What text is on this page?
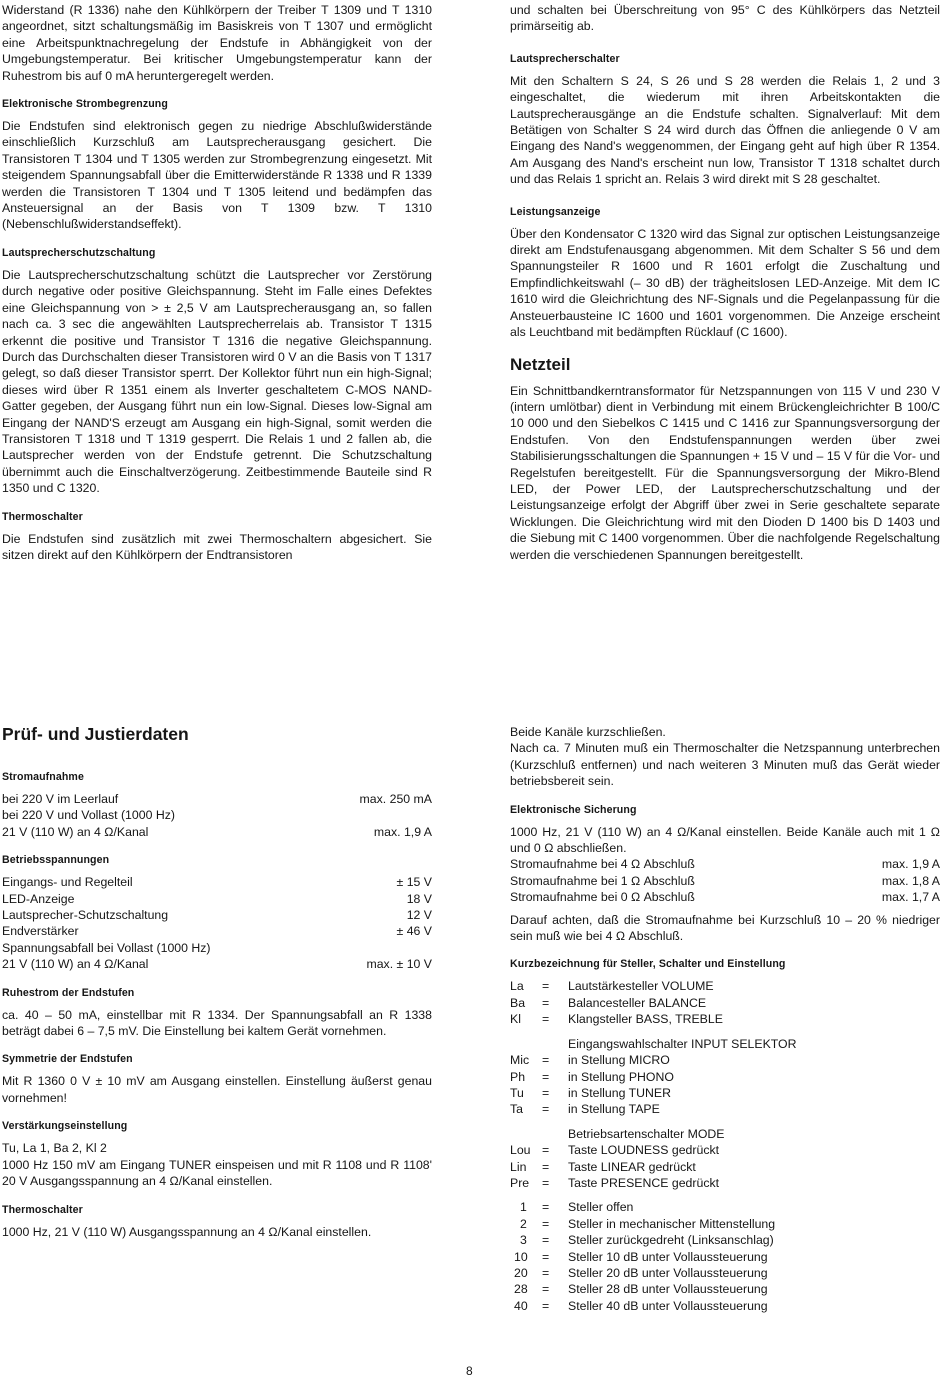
Widerstand (R 1336) nahe den Kühlkörpern der Treiber T 1309 und T 1310 angeordnet, sitzt schaltungsmäßig im Basiskreis von T 1307 und ermöglicht eine Arbeitspunktnachregelung der Endstufe in Abhängigkeit von der Umgebungstemperatur. Bei kritischer Umgebungstemperatur kann der Ruhestrom bis auf 0 mA heruntergeregelt werden.

Elektronische Strombegrenzung

Die Endstufen sind elektronisch gegen zu niedrige Abschlußwiderstände einschließlich Kurzschluß am Lautsprecherausgang gesichert. Die Transistoren T 1304 und T 1305 werden zur Strombegrenzung eingesetzt. Mit steigendem Spannungsabfall über die Emitterwiderstände R 1338 und R 1339 werden die Transistoren T 1304 und T 1305 leitend und bedämpfen das Ansteuersignal an der Basis von T 1309 bzw. T 1310 (Nebenschlußwiderstandseffekt).

Lautsprecherschutzschaltung

Die Lautsprecherschutzschaltung schützt die Lautsprecher vor Zerstörung durch negative oder positive Gleichspannung. Steht im Falle eines Defektes eine Gleichspannung von > ± 2,5 V am Lautsprecherausgang an, so fallen nach ca. 3 sec die angewählten Lautsprecherrelais ab. Transistor T 1315 erkennt die positive und Transistor T 1316 die negative Gleichspannung. Durch das Durchschalten dieser Transistoren wird 0 V an die Basis von T 1317 gelegt, so daß dieser Transistor sperrt. Der Kollektor führt nun ein high-Signal; dieses wird über R 1351 einem als Inverter geschaltetem C-MOS NAND-Gatter gegeben, der Ausgang führt nun ein low-Signal. Dieses low-Signal am Eingang der NAND'S erzeugt am Ausgang ein high-Signal, somit werden die Transistoren T 1318 und T 1319 gesperrt. Die Relais 1 und 2 fallen ab, die Lautsprecher werden von der Endstufe getrennt. Die Schutzschaltung übernimmt auch die Einschaltverzögerung. Zeitbestimmende Bauteile sind R 1350 und C 1320.

Thermoschalter

Die Endstufen sind zusätzlich mit zwei Thermoschaltern abgesichert. Sie sitzen direkt auf den Kühlkörpern der Endtransistoren

und schalten bei Überschreitung von 95° C des Kühlkörpers das Netzteil primärseitig ab.

Lautsprecherschalter

Mit den Schaltern S 24, S 26 und S 28 werden die Relais 1, 2 und 3 eingeschaltet, die wiederum mit ihren Arbeitskontakten die Lautsprecherausgänge an die Endstufe schalten. Signalverlauf: Mit dem Betätigen von Schalter S 24 wird durch das Öffnen die anliegende 0 V am Eingang des Nand's weggenommen, der Eingang geht auf high über R 1354. Am Ausgang des Nand's erscheint nun low, Transistor T 1318 schaltet durch und das Relais 1 spricht an. Relais 3 wird direkt mit S 28 geschaltet.

Leistungsanzeige

Über den Kondensator C 1320 wird das Signal zur optischen Leistungsanzeige direkt am Endstufenausgang abgenommen. Mit dem Schalter S 56 und dem Spannungsteiler R 1600 und R 1601 erfolgt die Zuschaltung und Empfindlichkeitswahl (– 30 dB) der trägheitslosen LED-Anzeige. Mit dem IC 1610 wird die Gleichrichtung des NF-Signals und die Pegelanpassung für die Ansteuerbausteine IC 1600 und 1601 vorgenommen. Die Anzeige erscheint als Leuchtband mit bedämpften Rücklauf (C 1600).

Netzteil

Ein Schnittbandkerntransformator für Netzspannungen von 115 V und 230 V (intern umlötbar) dient in Verbindung mit einem Brückengleichrichter B 100/C 10 000 und den Siebelkos C 1415 und C 1416 zur Spannungsversorgung der Endstufen. Von den Endstufenspannungen werden über zwei Stabilisierungsschaltungen die Spannungen + 15 V und – 15 V für die Vor- und Regelstufen bereitgestellt. Für die Spannungsversorgung der Mikro-Blend LED, der Power LED, der Lautsprecherschutzschaltung und der Leistungsanzeige erfolgt der Abgriff über zwei in Serie geschaltete separate Wicklungen. Die Gleichrichtung wird mit den Dioden D 1400 bis D 1403 und die Siebung mit C 1400 vorgenommen. Über die nachfolgende Regelschaltung werden die verschiedenen Spannungen bereitgestellt.

Prüf- und Justierdaten
Stromaufnahme
bei 220 V im Leerlauf	max. 250 mA
bei 220 V und Vollast (1000 Hz)
21 V (110 W) an 4 Ω/Kanal	max. 1,9 A
Betriebsspannungen
Eingangs- und Regelteil	± 15 V
LED-Anzeige	18 V
Lautsprecher-Schutzschaltung	12 V
Endverstärker	± 46 V
Spannungsabfall bei Vollast (1000 Hz)
21 V (110 W) an 4 Ω/Kanal	max. ± 10 V
Ruhestrom der Endstufen

ca. 40 – 50 mA, einstellbar mit R 1334. Der Spannungsabfall an R 1338 beträgt dabei 6 – 7,5 mV. Die Einstellung bei kaltem Gerät vornehmen.

Symmetrie der Endstufen

Mit R 1360 0 V ± 10 mV am Ausgang einstellen. Einstellung äußerst genau vornehmen!

Verstärkungseinstellung

Tu, La 1, Ba 2, Kl 2
1000 Hz 150 mV am Eingang TUNER einspeisen und mit R 1108 und R 1108' 20 V Ausgangsspannung an 4 Ω/Kanal einstellen.

Thermoschalter

1000 Hz, 21 V (110 W) Ausgangsspannung an 4 Ω/Kanal einstellen.

Beide Kanäle kurzschließen.
Nach ca. 7 Minuten muß ein Thermoschalter die Netzspannung unterbrechen (Kurzschluß entfernen) und nach weiteren 3 Minuten muß das Gerät wieder betriebsbereit sein.

Elektronische Sicherung

1000 Hz, 21 V (110 W) an 4 Ω/Kanal einstellen. Beide Kanäle auch mit 1 Ω und 0 Ω abschließen.

Stromaufnahme bei 4 Ω Abschluß	max. 1,9 A
Stromaufnahme bei 1 Ω Abschluß	max. 1,8 A
Stromaufnahme bei 0 Ω Abschluß	max. 1,7 A

Darauf achten, daß die Stromaufnahme bei Kurzschluß 10 – 20 % niedriger sein muß wie bei 4 Ω Abschluß.

Kurzbezeichnung für Steller, Schalter und Einstellung
La	=	Lautstärkesteller VOLUME
Ba	=	Balancesteller BALANCE
Kl	=	Klangsteller BASS, TREBLE
Eingangswahlschalter INPUT SELEKTOR
Mic	=	in Stellung MICRO
Ph	=	in Stellung PHONO
Tu	=	in Stellung TUNER
Ta	=	in Stellung TAPE
Betriebsartenschalter MODE
Lou =	Taste LOUDNESS gedrückt
Lin	=	Taste LINEAR gedrückt
Pre	=	Taste PRESENCE gedrückt
1	=	Steller offen
2	=	Steller in mechanischer Mittenstellung
3	=	Steller zurückgedreht (Linksanschlag)
10	=	Steller 10 dB unter Vollaussteuerung
20	=	Steller 20 dB unter Vollaussteuerung
28	=	Steller 28 dB unter Vollaussteuerung
40	=	Steller 40 dB unter Vollaussteuerung
8
